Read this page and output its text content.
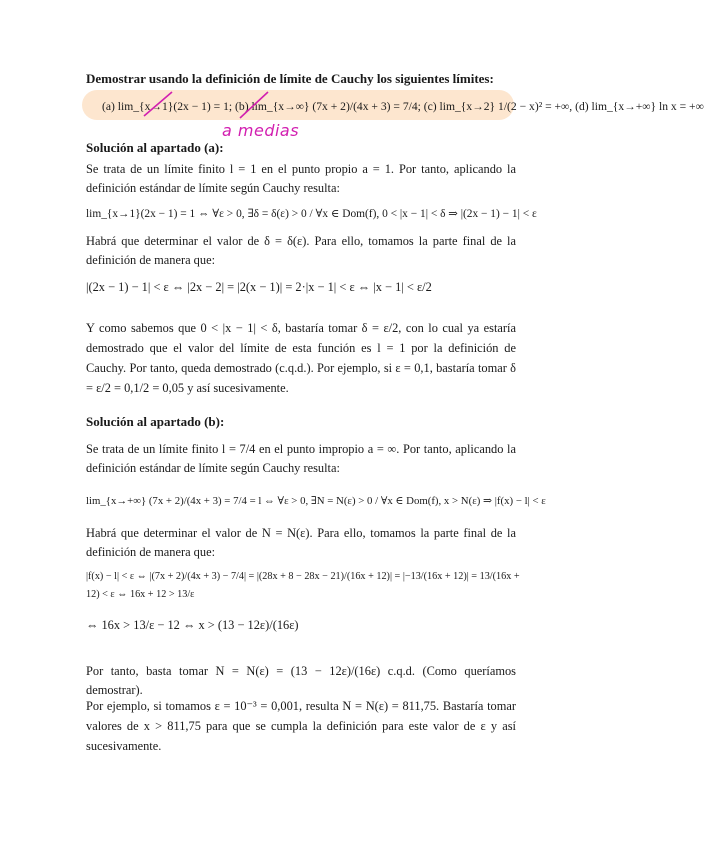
Demostrar usando la definición de límite de Cauchy los siguientes límites:
(a) lim_{x→1}(2x − 1) = 1; (b) lim_{x→∞} (7x + 2)/(4x + 3) = 7/4; (c) lim_{x→2} 1/(2 − x)² = +∞, (d) lim_{x→+∞} ln x = +∞
a medias
Solución al apartado (a):
Se trata de un límite finito l = 1 en el punto propio a = 1. Por tanto, aplicando la definición estándar de límite según Cauchy resulta:
lim_{x→1}(2x − 1) = 1 ⇔ ∀ε > 0, ∃δ = δ(ε) > 0 / ∀x ∈ Dom(f), 0 < |x − 1| < δ ⇒ |(2x − 1) − 1| < ε
Habrá que determinar el valor de δ = δ(ε). Para ello, tomamos la parte final de la definición de manera que:
|(2x − 1) − 1| < ε ⇔ |2x − 2| = |2(x − 1)| = 2·|x − 1| < ε ⇔ |x − 1| < ε/2
Y como sabemos que 0 < |x − 1| < δ, bastaría tomar δ = ε/2, con lo cual ya estaría demostrado que el valor del límite de esta función es l = 1 por la definición de Cauchy. Por tanto, queda demostrado (c.q.d.). Por ejemplo, si ε = 0,1, bastaría tomar δ = ε/2 = 0,1/2 = 0,05 y así sucesivamente.
Solución al apartado (b):
Se trata de un límite finito l = 7/4 en el punto impropio a = ∞. Por tanto, aplicando la definición estándar de límite según Cauchy resulta:
lim_{x→+∞} (7x + 2)/(4x + 3) = 7/4 = l ⇔ ∀ε > 0, ∃N = N(ε) > 0 / ∀x ∈ Dom(f), x > N(ε) ⇒ |f(x) − l| < ε
Habrá que determinar el valor de N = N(ε). Para ello, tomamos la parte final de la definición de manera que:
|f(x) − l| < ε ⇔ |(7x + 2)/(4x + 3) − 7/4| = |(28x + 8 − 28x − 21)/(16x + 12)| = |−13/(16x + 12)| = 13/(16x + 12) < ε ⇔ 16x + 12 > 13/ε
⇔ 16x > 13/ε − 12 ⇔ x > (13 − 12ε)/(16ε)
Por tanto, basta tomar N = N(ε) = (13 − 12ε)/(16ε) c.q.d. (Como queríamos demostrar).
Por ejemplo, si tomamos ε = 10⁻³ = 0,001, resulta N = N(ε) = 811,75. Bastaría tomar valores de x > 811,75 para que se cumpla la definición para este valor de ε y así sucesivamente.
